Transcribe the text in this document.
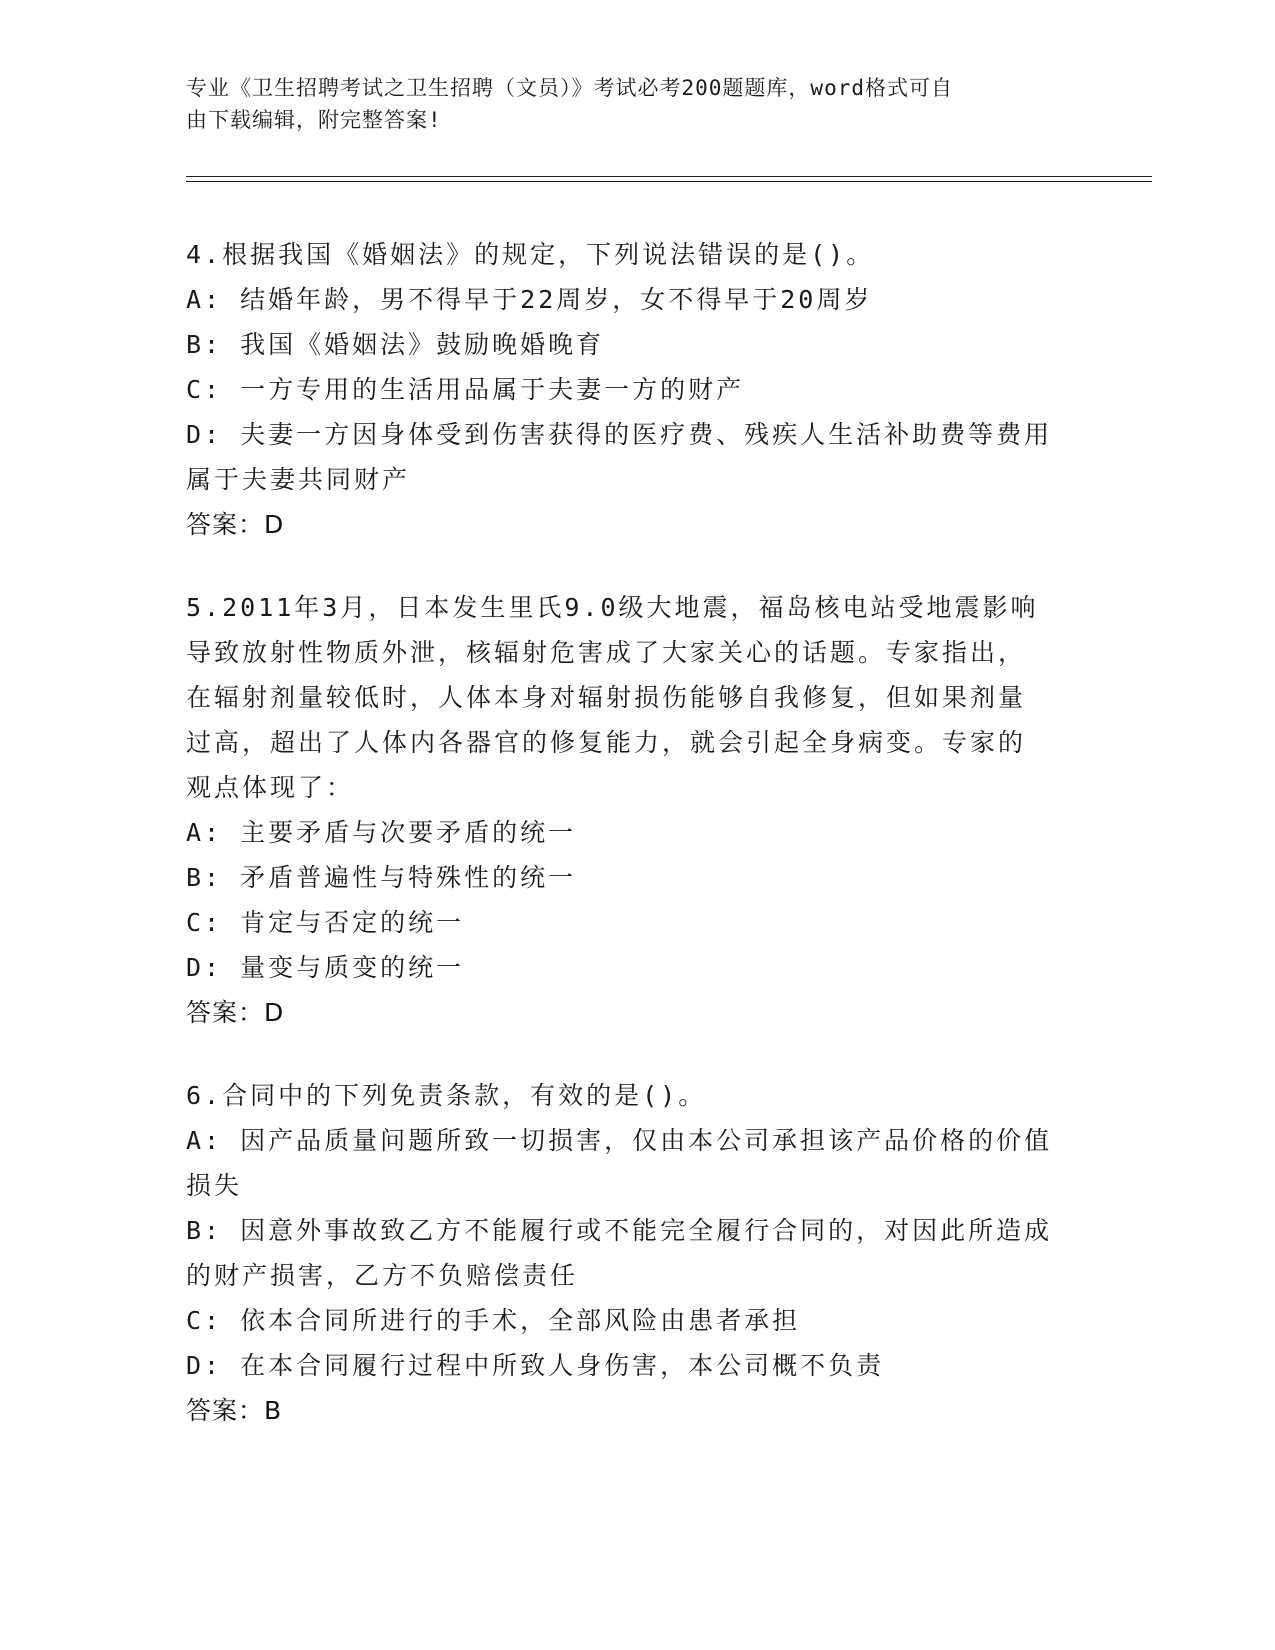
专业《卫生招聘考试之卫生招聘（文员）》考试必考200题题库，word格式可自
由下载编辑，附完整答案!
4.根据我国《婚姻法》的规定，下列说法错误的是()。
A: 结婚年龄，男不得早于22周岁，女不得早于20周岁
B: 我国《婚姻法》鼓励晚婚晚育
C: 一方专用的生活用品属于夫妻一方的财产
D: 夫妻一方因身体受到伤害获得的医疗费、残疾人生活补助费等费用
属于夫妻共同财产
答案：D
5.2011年3月，日本发生里氏9.0级大地震，福岛核电站受地震影响
导致放射性物质外泄，核辐射危害成了大家关心的话题。专家指出，
在辐射剂量较低时，人体本身对辐射损伤能够自我修复，但如果剂量
过高，超出了人体内各器官的修复能力，就会引起全身病变。专家的
观点体现了：
A: 主要矛盾与次要矛盾的统一
B: 矛盾普遍性与特殊性的统一
C: 肯定与否定的统一
D: 量变与质变的统一
答案：D
6.合同中的下列免责条款，有效的是()。
A: 因产品质量问题所致一切损害，仅由本公司承担该产品价格的价值
损失
B: 因意外事故致乙方不能履行或不能完全履行合同的，对因此所造成
的财产损害，乙方不负赔偿责任
C: 依本合同所进行的手术，全部风险由患者承担
D: 在本合同履行过程中所致人身伤害，本公司概不负责
答案：B
